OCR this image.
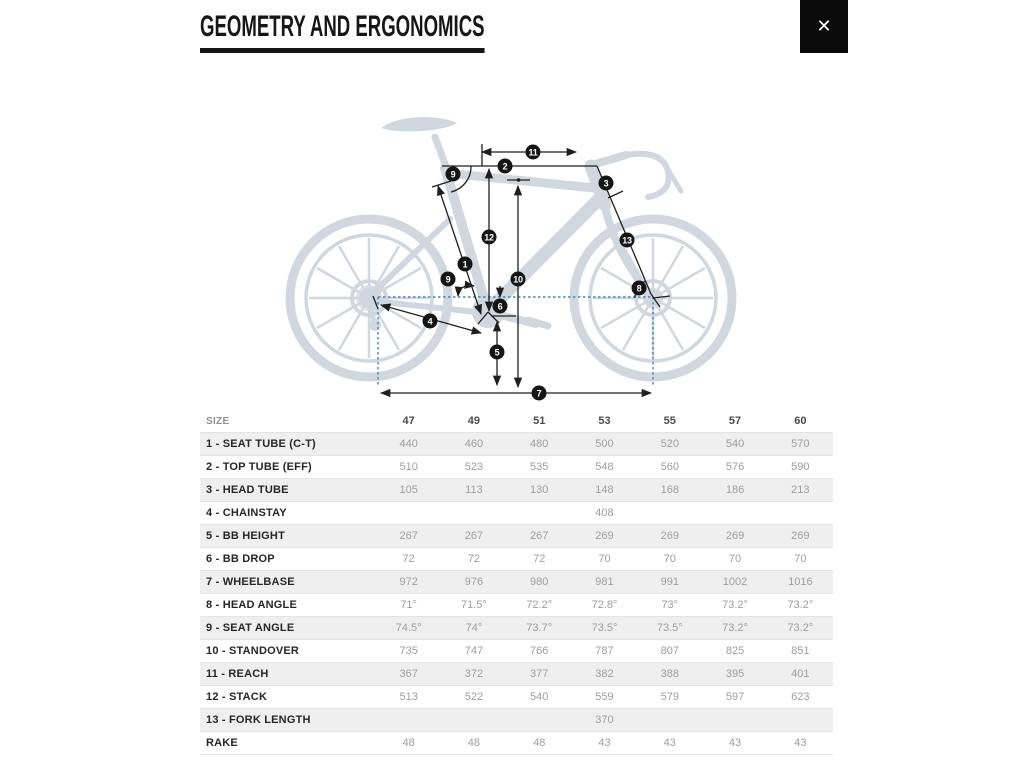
GEOMETRY AND ERGONOMICS	✕
11
2
9
3
12	13
1
9	10
8
6
4
5
7
SIZE	47	49	51	53	55	57	60
1 - SEAT TUBE (C-T)	440	460	480	500	520	540	570
2 - TOP TUBE (EFF)	510	523	535	548	560	576	590
3 - HEAD TUBE	105	113	130	148	168	186	213
4 - CHAINSTAY				408			
5 - BB HEIGHT	267	267	267	269	269	269	269
6 - BB DROP	72	72	72	70	70	70	70
7 - WHEELBASE	972	976	980	981	991	1002	1016
8 - HEAD ANGLE	71°	71.5°	72.2°	72.8°	73°	73.2°	73.2°
9 - SEAT ANGLE	74.5°	74°	73.7°	73.5°	73.5°	73.2°	73.2°
10 - STANDOVER	735	747	766	787	807	825	851
11 - REACH	367	372	377	382	388	395	401
12 - STACK	513	522	540	559	579	597	623
13 - FORK LENGTH				370			
RAKE	48	48	48	43	43	43	43
